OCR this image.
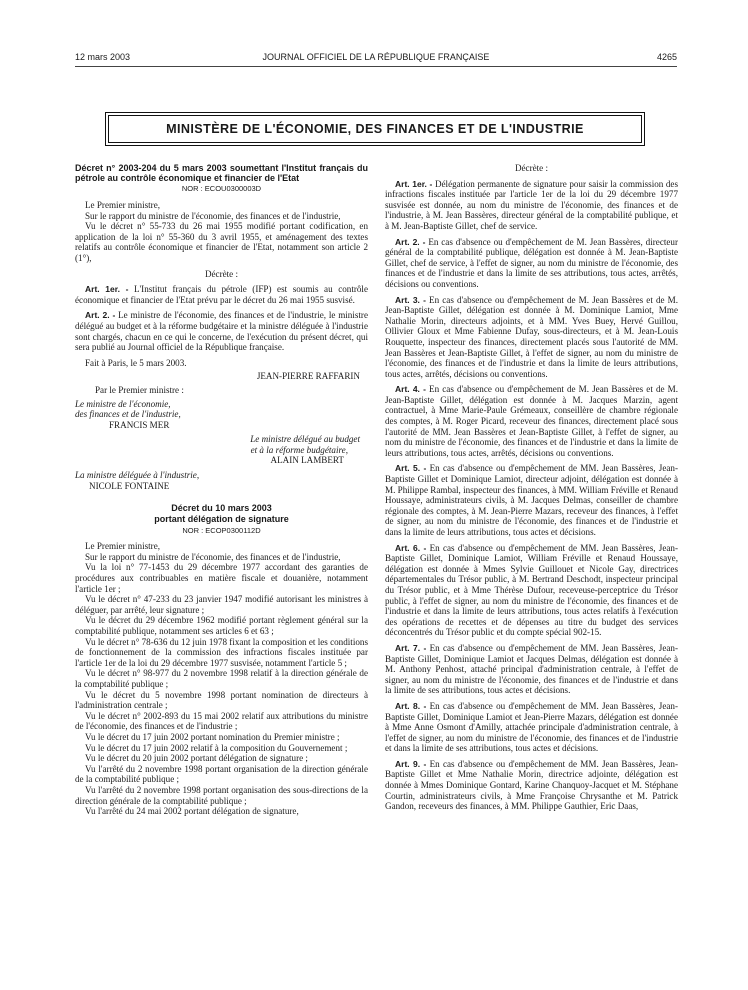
12 mars 2003	JOURNAL OFFICIEL DE LA RÉPUBLIQUE FRANÇAISE	4265
MINISTÈRE DE L'ÉCONOMIE, DES FINANCES ET DE L'INDUSTRIE

Décret n° 2003-204 du 5 mars 2003 soumettant l'Institut français du pétrole au contrôle économique et financier de l'Etat

NOR : ECOU0300003D

Le Premier ministre,

Sur le rapport du ministre de l'économie, des finances et de l'industrie,

Vu le décret n° 55-733 du 26 mai 1955 modifié portant codification, en application de la loi n° 55-360 du 3 avril 1955, et aménagement des textes relatifs au contrôle économique et financier de l'Etat, notamment son article 2 (1°),

Décrète :

Art. 1er. - L'Institut français du pétrole (IFP) est soumis au contrôle économique et financier de l'Etat prévu par le décret du 26 mai 1955 susvisé.

Art. 2. - Le ministre de l'économie, des finances et de l'industrie, le ministre délégué au budget et à la réforme budgétaire et la ministre déléguée à l'industrie sont chargés, chacun en ce qui le concerne, de l'exécution du présent décret, qui sera publié au Journal officiel de la République française.

Fait à Paris, le 5 mars 2003.

JEAN-PIERRE RAFFARIN

Par le Premier ministre :

Le ministre de l'économie,

des finances et de l'industrie,

FRANCIS MER

Le ministre délégué au budget

et à la réforme budgétaire,

ALAIN LAMBERT

La ministre déléguée à l'industrie,

NICOLE FONTAINE

Décret du 10 mars 2003

portant délégation de signature

NOR : ECOP0300112D

Le Premier ministre,

Sur le rapport du ministre de l'économie, des finances et de l'industrie,

Vu la loi n° 77-1453 du 29 décembre 1977 accordant des garanties de procédures aux contribuables en matière fiscale et douanière, notamment l'article 1er ;

Vu le décret n° 47-233 du 23 janvier 1947 modifié autorisant les ministres à déléguer, par arrêté, leur signature ;

Vu le décret du 29 décembre 1962 modifié portant règlement général sur la comptabilité publique, notamment ses articles 6 et 63 ;

Vu le décret n° 78-636 du 12 juin 1978 fixant la composition et les conditions de fonctionnement de la commission des infractions fiscales instituée par l'article 1er de la loi du 29 décembre 1977 susvisée, notamment l'article 5 ;

Vu le décret n° 98-977 du 2 novembre 1998 relatif à la direction générale de la comptabilité publique ;

Vu le décret du 5 novembre 1998 portant nomination de directeurs à l'administration centrale ;

Vu le décret n° 2002-893 du 15 mai 2002 relatif aux attributions du ministre de l'économie, des finances et de l'industrie ;

Vu le décret du 17 juin 2002 portant nomination du Premier ministre ;

Vu le décret du 17 juin 2002 relatif à la composition du Gouvernement ;

Vu le décret du 20 juin 2002 portant délégation de signature ;

Vu l'arrêté du 2 novembre 1998 portant organisation de la direction générale de la comptabilité publique ;

Vu l'arrêté du 2 novembre 1998 portant organisation des sous-directions de la direction générale de la comptabilité publique ;

Vu l'arrêté du 24 mai 2002 portant délégation de signature,

Décrète :

Art. 1er. - Délégation permanente de signature pour saisir la commission des infractions fiscales instituée par l'article 1er de la loi du 29 décembre 1977 susvisée est donnée, au nom du ministre de l'économie, des finances et de l'industrie, à M. Jean Bassères, directeur général de la comptabilité publique, et à M. Jean-Baptiste Gillet, chef de service.

Art. 2. - En cas d'absence ou d'empêchement de M. Jean Bassères, directeur général de la comptabilité publique, délégation est donnée à M. Jean-Baptiste Gillet, chef de service, à l'effet de signer, au nom du ministre de l'économie, des finances et de l'industrie et dans la limite de ses attributions, tous actes, arrêtés, décisions ou conventions.

Art. 3. - En cas d'absence ou d'empêchement de M. Jean Bassères et de M. Jean-Baptiste Gillet, délégation est donnée à M. Dominique Lamiot, Mme Nathalie Morin, directeurs adjoints, et à MM. Yves Buey, Hervé Guillou, Ollivier Gloux et Mme Fabienne Dufay, sous-directeurs, et à M. Jean-Louis Rouquette, inspecteur des finances, directement placés sous l'autorité de MM. Jean Bassères et Jean-Baptiste Gillet, à l'effet de signer, au nom du ministre de l'économie, des finances et de l'industrie et dans la limite de leurs attributions, tous actes, arrêtés, décisions ou conventions.

Art. 4. - En cas d'absence ou d'empêchement de M. Jean Bassères et de M. Jean-Baptiste Gillet, délégation est donnée à M. Jacques Marzin, agent contractuel, à Mme Marie-Paule Grémeaux, conseillère de chambre régionale des comptes, à M. Roger Picard, receveur des finances, directement placé sous l'autorité de MM. Jean Bassères et Jean-Baptiste Gillet, à l'effet de signer, au nom du ministre de l'économie, des finances et de l'industrie et dans la limite de leurs attributions, tous actes, arrêtés, décisions ou conventions.

Art. 5. - En cas d'absence ou d'empêchement de MM. Jean Bassères, Jean-Baptiste Gillet et Dominique Lamiot, directeur adjoint, délégation est donnée à M. Philippe Rambal, inspecteur des finances, à MM. William Fréville et Renaud Houssaye, administrateurs civils, à M. Jacques Delmas, conseiller de chambre régionale des comptes, à M. Jean-Pierre Mazars, receveur des finances, à l'effet de signer, au nom du ministre de l'économie, des finances et de l'industrie et dans la limite de leurs attributions, tous actes et décisions.

Art. 6. - En cas d'absence ou d'empêchement de MM. Jean Bassères, Jean-Baptiste Gillet, Dominique Lamiot, William Fréville et Renaud Houssaye, délégation est donnée à Mmes Sylvie Guillouet et Nicole Gay, directrices départementales du Trésor public, à M. Bertrand Deschodt, inspecteur principal du Trésor public, et à Mme Thérèse Dufour, receveuse-perceptrice du Trésor public, à l'effet de signer, au nom du ministre de l'économie, des finances et de l'industrie et dans la limite de leurs attributions, tous actes relatifs à l'exécution des opérations de recettes et de dépenses au titre du budget des services déconcentrés du Trésor public et du compte spécial 902-15.

Art. 7. - En cas d'absence ou d'empêchement de MM. Jean Bassères, Jean-Baptiste Gillet, Dominique Lamiot et Jacques Delmas, délégation est donnée à M. Anthony Penhost, attaché principal d'administration centrale, à l'effet de signer, au nom du ministre de l'économie, des finances et de l'industrie et dans la limite de ses attributions, tous actes et décisions.

Art. 8. - En cas d'absence ou d'empêchement de MM. Jean Bassères, Jean-Baptiste Gillet, Dominique Lamiot et Jean-Pierre Mazars, délégation est donnée à Mme Anne Osmont d'Amilly, attachée principale d'administration centrale, à l'effet de signer, au nom du ministre de l'économie, des finances et de l'industrie et dans la limite de ses attributions, tous actes et décisions.

Art. 9. - En cas d'absence ou d'empêchement de MM. Jean Bassères, Jean-Baptiste Gillet et Mme Nathalie Morin, directrice adjointe, délégation est donnée à Mmes Dominique Gontard, Karine Chanquoy-Jacquet et M. Stéphane Courtin, administrateurs civils, à Mme Françoise Chrysanthe et M. Patrick Gandon, receveurs des finances, à MM. Philippe Gauthier, Eric Daas,
